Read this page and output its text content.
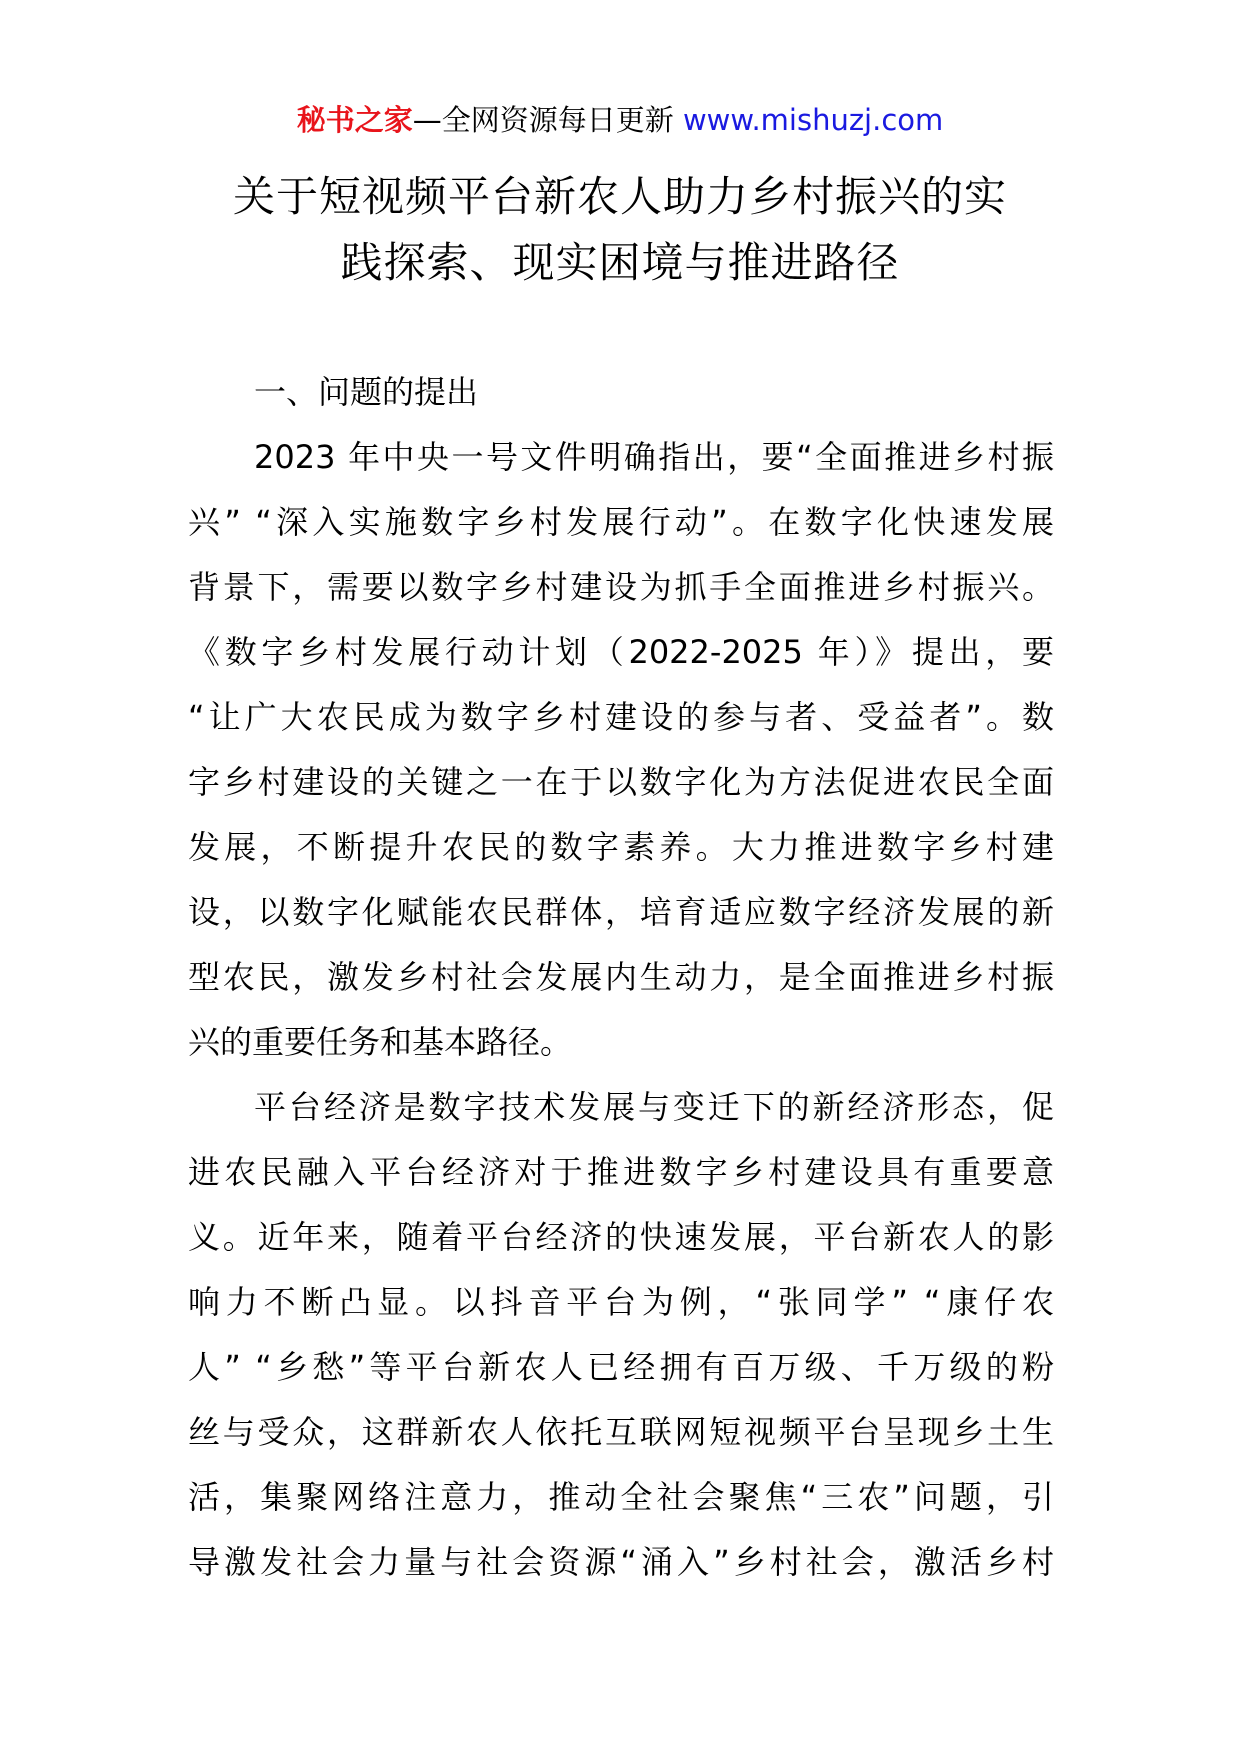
秘书之家—全网资源每日更新 www.mishuzj.com
关于短视频平台新农人助力乡村振兴的实
践探索、现实困境与推进路径
一、问题的提出
2023 年中央一号文件明确指出，要“全面推进乡村振
兴” “深入实施数字乡村发展行动”。在数字化快速发展
背景下，需要以数字乡村建设为抓手全面推进乡村振兴。
《数字乡村发展行动计划（2022-2025 年）》提出，要
“让广大农民成为数字乡村建设的参与者、受益者”。数
字乡村建设的关键之一在于以数字化为方法促进农民全面
发展，不断提升农民的数字素养。大力推进数字乡村建
设，以数字化赋能农民群体，培育适应数字经济发展的新
型农民，激发乡村社会发展内生动力，是全面推进乡村振
兴的重要任务和基本路径。
平台经济是数字技术发展与变迁下的新经济形态，促
进农民融入平台经济对于推进数字乡村建设具有重要意
义。近年来，随着平台经济的快速发展，平台新农人的影
响力不断凸显。以抖音平台为例，“张同学” “康仔农
人” “乡愁”等平台新农人已经拥有百万级、千万级的粉
丝与受众，这群新农人依托互联网短视频平台呈现乡土生
活，集聚网络注意力，推动全社会聚焦“三农”问题，引
导激发社会力量与社会资源“涌入”乡村社会，激活乡村
